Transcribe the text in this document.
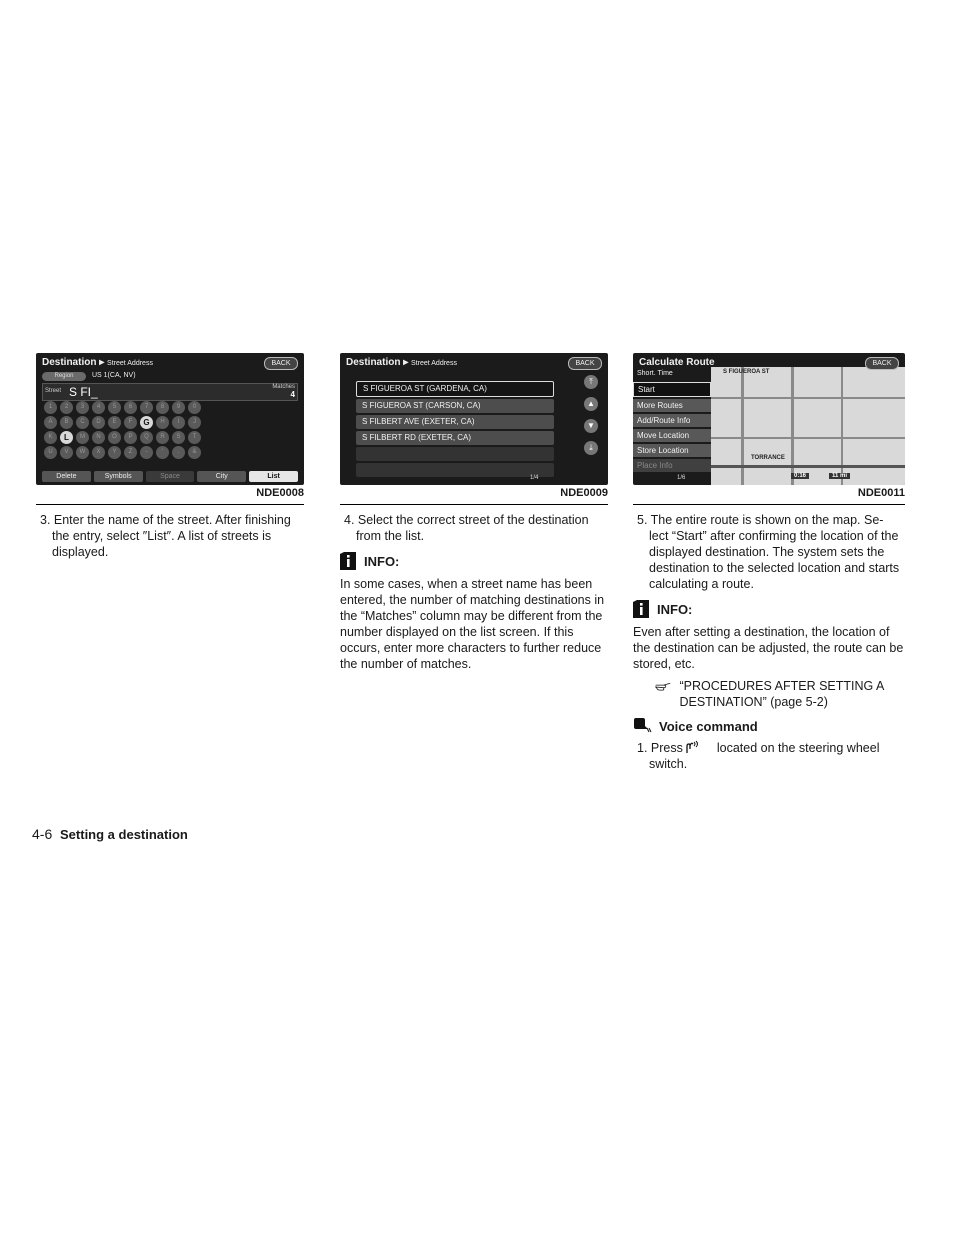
Destination ▸ Street Address	BACK
Region	US 1(CA, NV)
Street S FI_	Matches
4
1	2	3	4	5	6	7	8	9	0
A	B	C	D	E	F	G	H	I	J
K	L	M	N	O	P	Q	R	S	T
U	V	W	X	Y	Z	-	'	.	&
Delete	Symbols	Space	City	List
NDE0008

3. Enter the name of the street. After finishing the entry, select ″List″. A list of streets is displayed.

Destination ▸ Street Address	BACK
S FIGUEROA ST (GARDENA, CA)
S FIGUEROA ST (CARSON, CA)
S FILBERT AVE (EXETER, CA)
S FILBERT RD (EXETER, CA)
⤒
▲
▼
⤓
1/4
NDE0009

4. Select the correct street of the destination from the list.

INFO:

In some cases, when a street name has been entered, the number of matching destinations in the “Matches” column may be different from the number displayed on the list screen. If this occurs, enter more characters to further reduce the number of matches.

S FIGUEROA ST
TORRANCE
0:16	11 mi
Calculate Route	BACK
Short. Time
Start
More Routes
Add/Route Info
Move Location
Store Location
Place Info
1/6
NDE0011

5. The entire route is shown on the map. Se- lect “Start” after confirming the location of the displayed destination. The system sets the destination to the selected location and starts calculating a route.

INFO:

Even after setting a destination, the location of the destination can be adjusted, the route can be stored, etc.

“PROCEDURES AFTER SETTING A DESTINATION” (page 5-2)
Voice command

1. Press	located on the steering wheel switch.

4-6 Setting a destination
